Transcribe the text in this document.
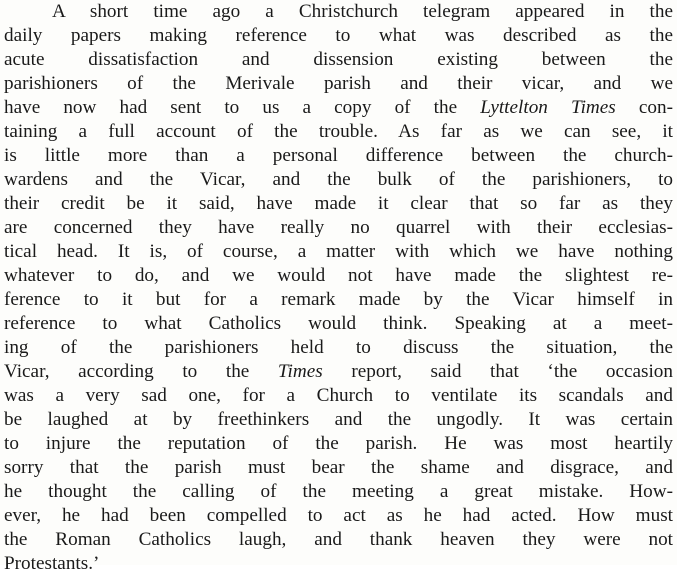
A short time ago a Christchurch telegram appeared in the
daily papers making reference to what was described as the
acute dissatisfaction and dissension existing between the
parishioners of the Merivale parish and their vicar, and we
have now had sent to us a copy of the Lyttelton Times con-
taining a full account of the trouble. As far as we can see, it
is little more than a personal difference between the church-
wardens and the Vicar, and the bulk of the parishioners, to
their credit be it said, have made it clear that so far as they
are concerned they have really no quarrel with their ecclesias-
tical head. It is, of course, a matter with which we have nothing
whatever to do, and we would not have made the slightest re-
ference to it but for a remark made by the Vicar himself in
reference to what Catholics would think. Speaking at a meet-
ing of the parishioners held to discuss the situation, the
Vicar, according to the Times report, said that ‘the occasion
was a very sad one, for a Church to ventilate its scandals and
be laughed at by freethinkers and the ungodly. It was certain
to injure the reputation of the parish. He was most heartily
sorry that the parish must bear the shame and disgrace, and
he thought the calling of the meeting a great mistake. How-
ever, he had been compelled to act as he had acted. How must
the Roman Catholics laugh, and thank heaven they were not
Protestants.’
